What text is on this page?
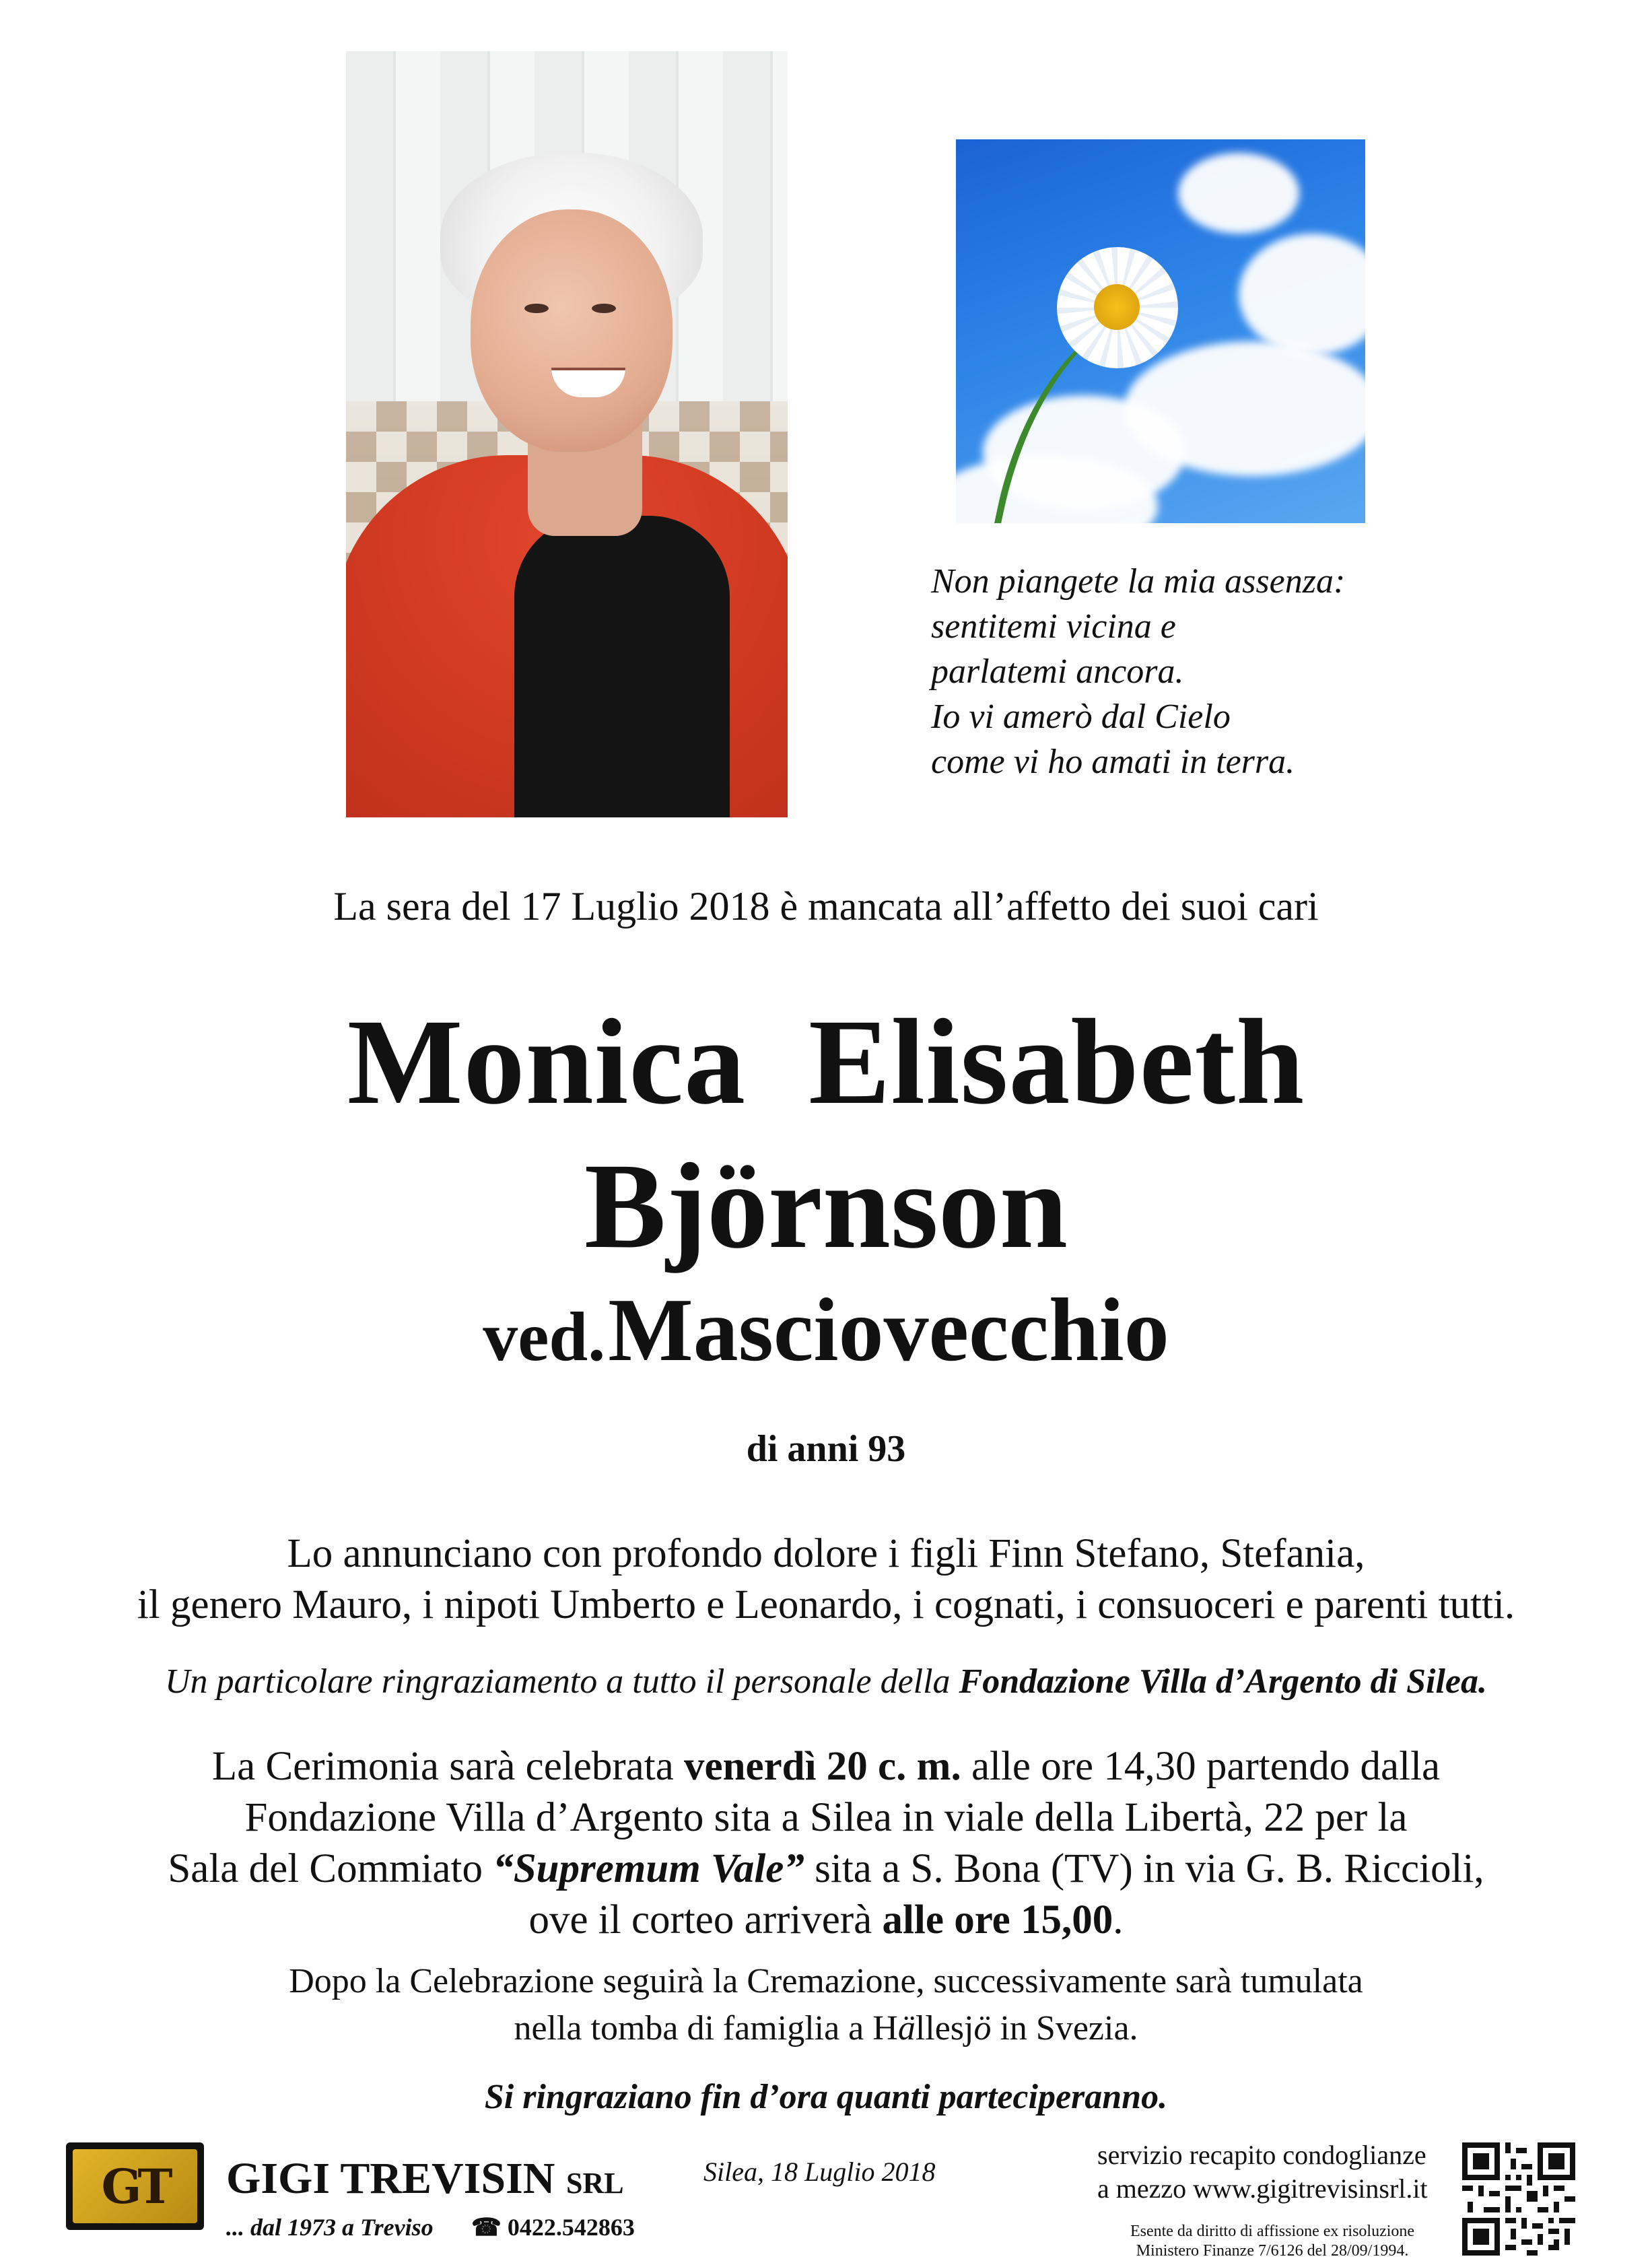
Non piangete la mia assenza:
sentitemi vicina e
parlatemi ancora.
Io vi amerò dal Cielo
come vi ho amati in terra.
La sera del 17 Luglio 2018 è mancata all’affetto dei suoi cari
Monica  Elisabeth
Björnson
ved. Masciovecchio
di anni 93
Lo annunciano con profondo dolore i figli Finn Stefano, Stefania,
il genero Mauro, i nipoti Umberto e Leonardo, i cognati, i consuoceri e parenti tutti.
Un particolare ringraziamento a tutto il personale della Fondazione Villa d’Argento di Silea.
La Cerimonia sarà celebrata venerdì 20 c. m. alle ore 14,30 partendo dalla
Fondazione Villa d’Argento sita a Silea in viale della Libertà, 22 per la
Sala del Commiato “Supremum Vale” sita a S. Bona (TV) in via G. B. Riccioli,
ove il corteo arriverà alle ore 15,00.
Dopo la Celebrazione seguirà la Cremazione, successivamente sarà tumulata
nella tomba di famiglia a Hällesjö in Svezia.
Si ringraziano fin d’ora quanti parteciperanno.
GT	GIGI TREVISIN SRL
... dal 1973 a Treviso ☎ 0422.542863
Silea, 18 Luglio 2018
servizio recapito condoglianze
a mezzo www.gigitrevisinsrl.it
Esente da diritto di affissione ex risoluzione
Ministero Finanze 7/6126 del 28/09/1994.
